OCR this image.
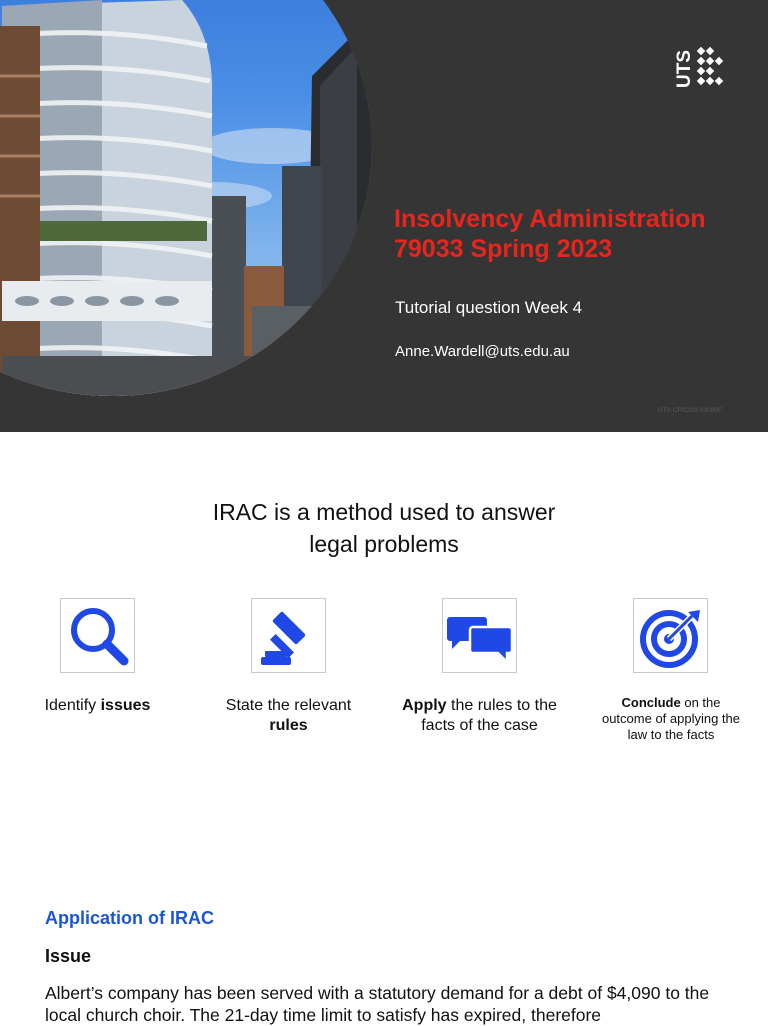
UTS
Insolvency Administration
79033 Spring 2023
Tutorial question Week 4
Anne.Wardell@uts.edu.au
UTS CRICOS 00099F
IRAC is a method used to answer
legal problems
Identify issues	State the relevant
rules
Apply the rules to the facts of the case
Conclude on the outcome of applying the law to the facts
Application of IRAC
Issue
Albert’s company has been served with a statutory demand for a debt of $4,090 to the local church choir. The 21-day time limit to satisfy has expired, therefore
